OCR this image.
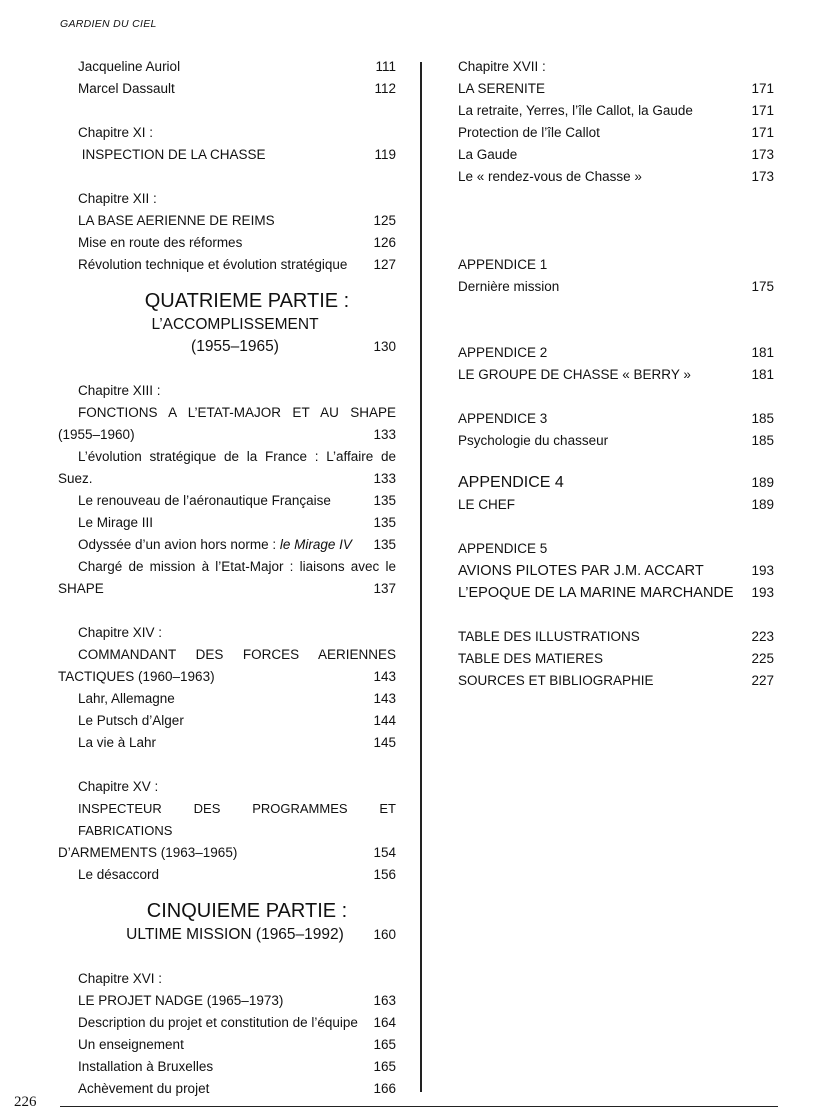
GARDIEN DU CIEL
226
Jacqueline Auriol	111
Marcel Dassault	112
Chapitre XI :
INSPECTION DE LA CHASSE	119
Chapitre XII :
LA BASE AERIENNE DE REIMS	125
Mise en route des réformes	126
Révolution technique et évolution stratégique	127
QUATRIEME PARTIE :
L’ACCOMPLISSEMENT
(1955–1965)	130
Chapitre XIII :
FONCTIONS A L’ETAT-MAJOR ET AU SHAPE
(1955–1960)	133
L’évolution stratégique de la France : L’affaire de
Suez.	133
Le renouveau de l’aéronautique Française	135
Le Mirage III	135
Odyssée d’un avion hors norme : le Mirage IV	135
Chargé de mission à l’Etat-Major : liaisons avec le
SHAPE	137
Chapitre XIV :
COMMANDANT DES FORCES AERIENNES
TACTIQUES (1960–1963)	143
Lahr, Allemagne	143
Le Putsch d’Alger	144
La vie à Lahr	145
Chapitre XV :
INSPECTEUR DES PROGRAMMES ET FABRICATIONS
D’ARMEMENTS (1963–1965)	154
Le désaccord	156
CINQUIEME PARTIE :
ULTIME MISSION (1965–1992)	160
Chapitre XVI :
LE PROJET NADGE (1965–1973)	163
Description du projet et constitution de l’équipe	164
Un enseignement	165
Installation à Bruxelles	165
Achèvement du projet	166
Chapitre XVII :
LA SERENITE	171
La retraite, Yerres, l’île Callot, la Gaude	171
Protection de l’île Callot	171
La Gaude	173
Le « rendez-vous de Chasse »	173
APPENDICE 1
Dernière mission	175
APPENDICE 2	181
LE GROUPE DE CHASSE « BERRY »	181
APPENDICE 3	185
Psychologie du chasseur	185
APPENDICE 4	189
LE CHEF	189
APPENDICE 5
AVIONS PILOTES PAR J.M. ACCART	193
L’EPOQUE DE LA MARINE MARCHANDE	193
TABLE DES ILLUSTRATIONS	223
TABLE DES MATIERES	225
SOURCES ET BIBLIOGRAPHIE	227
